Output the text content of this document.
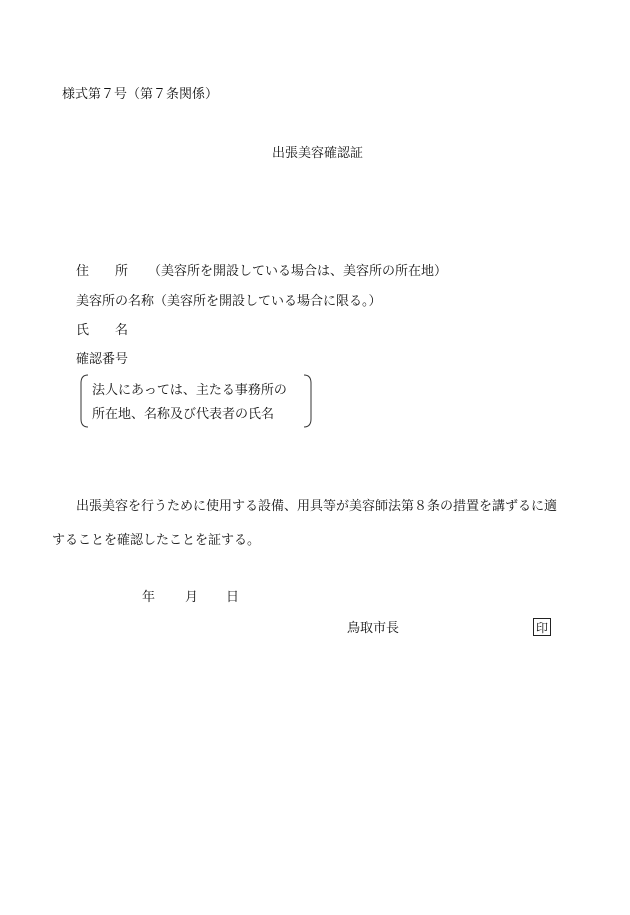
様式第７号（第７条関係）
出張美容確認証
住　　所 （美容所を開設している場合は、美容所の所在地）
美容所の名称（美容所を開設している場合に限る。）
氏　　名
確認番号
法人にあっては、主たる事務所の
所在地、名称及び代表者の氏名
出張美容を行うために使用する設備、用具等が美容師法第８条の措置を講ずるに適
することを確認したことを証する。
年 月 日
鳥取市長	印
